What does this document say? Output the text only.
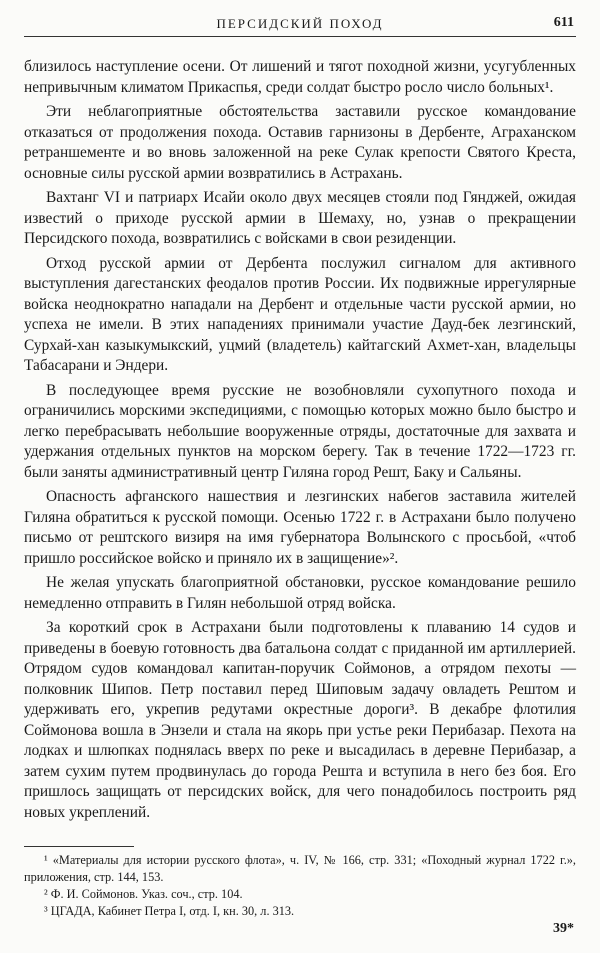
ПЕРСИДСКИЙ ПОХОД	611

близилось наступление осени. От лишений и тягот походной жизни, усугубленных непривычным климатом Прикаспья, среди солдат быстро росло число больных¹.

Эти неблагоприятные обстоятельства заставили русское командование отказаться от продолжения похода. Оставив гарнизоны в Дербенте, Аграханском ретраншементе и во вновь заложенной на реке Сулак крепости Святого Креста, основные силы русской армии возвратились в Астрахань.

Вахтанг VI и патриарх Исайи около двух месяцев стояли под Гянджей, ожидая известий о приходе русской армии в Шемаху, но, узнав о прекращении Персидского похода, возвратились с войсками в свои резиденции.

Отход русской армии от Дербента послужил сигналом для активного выступления дагестанских феодалов против России. Их подвижные иррегулярные войска неоднократно нападали на Дербент и отдельные части русской армии, но успеха не имели. В этих нападениях принимали участие Дауд-бек лезгинский, Сурхай-хан казыкумыкский, уцмий (владетель) кайтагский Ахмет-хан, владельцы Табасарани и Эндери.

В последующее время русские не возобновляли сухопутного похода и ограничились морскими экспедициями, с помощью которых можно было быстро и легко перебрасывать небольшие вооруженные отряды, достаточные для захвата и удержания отдельных пунктов на морском берегу. Так в течение 1722—1723 гг. были заняты административный центр Гиляна город Решт, Баку и Сальяны.

Опасность афганского нашествия и лезгинских набегов заставила жителей Гиляна обратиться к русской помощи. Осенью 1722 г. в Астрахани было получено письмо от рештского визиря на имя губернатора Волынского с просьбой, «чтоб пришло российское войско и приняло их в защищение»².

Не желая упускать благоприятной обстановки, русское командование решило немедленно отправить в Гилян небольшой отряд войска.

За короткий срок в Астрахани были подготовлены к плаванию 14 судов и приведены в боевую готовность два батальона солдат с приданной им артиллерией. Отрядом судов командовал капитан-поручик Соймонов, а отрядом пехоты — полковник Шипов. Петр поставил перед Шиповым задачу овладеть Рештом и удерживать его, укрепив редутами окрестные дороги³. В декабре флотилия Соймонова вошла в Энзели и стала на якорь при устье реки Перибазар. Пехота на лодках и шлюпках поднялась вверх по реке и высадилась в деревне Перибазар, а затем сухим путем продвинулась до города Решта и вступила в него без боя. Его пришлось защищать от персидских войск, для чего понадобилось построить ряд новых укреплений.

¹ «Материалы для истории русского флота», ч. IV, № 166, стр. 331; «Походный журнал 1722 г.», приложения, стр. 144, 153.

² Ф. И. Соймонов. Указ. соч., стр. 104.

³ ЦГАДА, Кабинет Петра I, отд. I, кн. 30, л. 313.

39*
